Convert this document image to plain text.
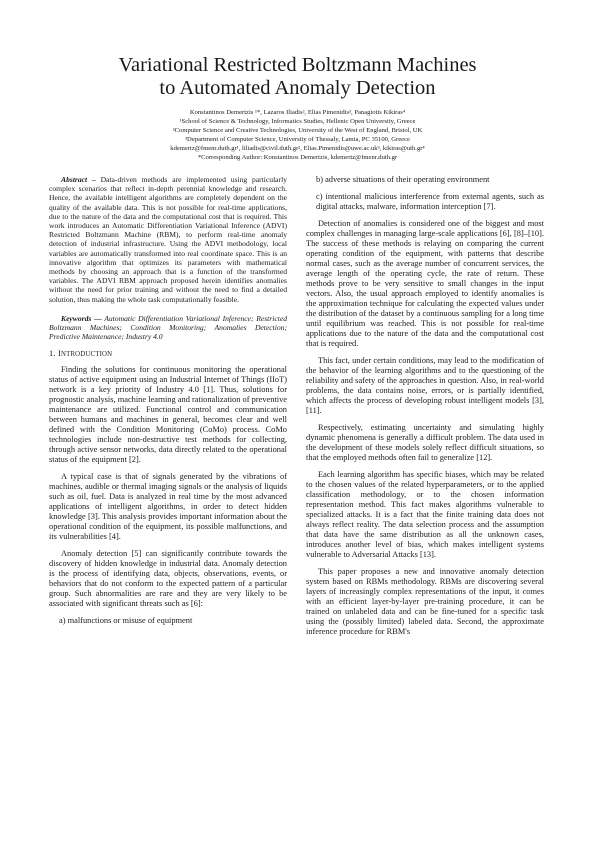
Variational Restricted Boltzmann Machines
to Automated Anomaly Detection
Konstantinos Demertzis ¹*, Lazaros Iliadis², Elias Pimenidis³, Panagiotis Kikiras⁴
¹School of Science & Technology, Informatics Studies, Hellenic Open University, Greece
²Computer Science and Creative Technologies, University of the West of England, Bristol, UK
³Department of Computer Science, University of Thessaly, Lamia, PC 35100, Greece
kdemertz@fmenr.duth.gr¹, liliadis@civil.duth.gr², Elias.Pimenidis@uwe.ac.uk³, kikiras@uth.gr⁴
*Corresponding Author: Konstantinos Demertzis, kdemertz@fmenr.duth.gr

Abstract – Data-driven methods are implemented using particularly complex scenarios that reflect in-depth perennial knowledge and research. Hence, the available intelligent algorithms are completely dependent on the quality of the available data. This is not possible for real-time applications, due to the nature of the data and the computational cost that is required. This work introduces an Automatic Differentiation Variational Inference (ADVI) Restricted Boltzmann Machine (RBM), to perform real-time anomaly detection of industrial infrastructure. Using the ADVI methodology, local variables are automatically transformed into real coordinate space. This is an innovative algorithm that optimizes its parameters with mathematical methods by choosing an approach that is a function of the transformed variables. The ADVI RBM approach proposed herein identifies anomalies without the need for prior training and without the need to find a detailed solution, thus making the whole task computationally feasible.

Keywords — Automatic Differentiation Variational Inference; Restricted Boltzmann Machines; Condition Monitoring; Anomalies Detection; Predictive Maintenance; Industry 4.0

1. INTRODUCTION

Finding the solutions for continuous monitoring the operational status of active equipment using an Industrial Internet of Things (IIoT) network is a key priority of Industry 4.0 [1]. Thus, solutions for prognostic analysis, machine learning and rationalization of preventive maintenance are utilized. Functional control and communication between humans and machines in general, becomes clear and well defined with the Condition Monitoring (CoMo) process. CoMo technologies include non-destructive test methods for collecting, through active sensor networks, data directly related to the operational status of the equipment [2].

A typical case is that of signals generated by the vibrations of machines, audible or thermal imaging signals or the analysis of liquids such as oil, fuel. Data is analyzed in real time by the most advanced applications of intelligent algorithms, in order to detect hidden knowledge [3]. This analysis provides important information about the operational condition of the equipment, its possible malfunctions, and its vulnerabilities [4].

Anomaly detection [5] can significantly contribute towards the discovery of hidden knowledge in industrial data. Anomaly detection is the process of identifying data, objects, observations, events, or behaviors that do not conform to the expected pattern of a particular group. Such abnormalities are rare and they are very likely to be associated with significant threats such as [6]:

a) malfunctions or misuse of equipment

b) adverse situations of their operating environment

c) intentional malicious interference from external agents, such as digital attacks, malware, information interception [7].

Detection of anomalies is considered one of the biggest and most complex challenges in managing large-scale applications [6], [8]–[10]. The success of these methods is relaying on comparing the current operating condition of the equipment, with patterns that describe normal cases, such as the average number of concurrent services, the average length of the operating cycle, the rate of return. These methods prove to be very sensitive to small changes in the input vectors. Also, the usual approach employed to identify anomalies is the approximation technique for calculating the expected values under the distribution of the dataset by a continuous sampling for a long time until equilibrium was reached. This is not possible for real-time applications due to the nature of the data and the computational cost that is required.

This fact, under certain conditions, may lead to the modification of the behavior of the learning algorithms and to the questioning of the reliability and safety of the approaches in question. Also, in real-world problems, the data contains noise, errors, or is partially identified, which affects the process of developing robust intelligent models [3], [11].

Respectively, estimating uncertainty and simulating highly dynamic phenomena is generally a difficult problem. The data used in the development of these models solely reflect difficult situations, so that the employed methods often fail to generalize [12].

Each learning algorithm has specific biases, which may be related to the chosen values of the related hyperparameters, or to the applied classification methodology, or to the chosen information representation method. This fact makes algorithms vulnerable to specialized attacks. It is a fact that the finite training data does not always reflect reality. The data selection process and the assumption that data have the same distribution as all the unknown cases, introduces another level of bias, which makes intelligent systems vulnerable to Adversarial Attacks [13].

This paper proposes a new and innovative anomaly detection system based on RBMs methodology. RBMs are discovering several layers of increasingly complex representations of the input, it comes with an efficient layer-by-layer pre-training procedure, it can be trained on unlabeled data and can be fine-tuned for a specific task using the (possibly limited) labeled data. Second, the approximate inference procedure for RBM's
